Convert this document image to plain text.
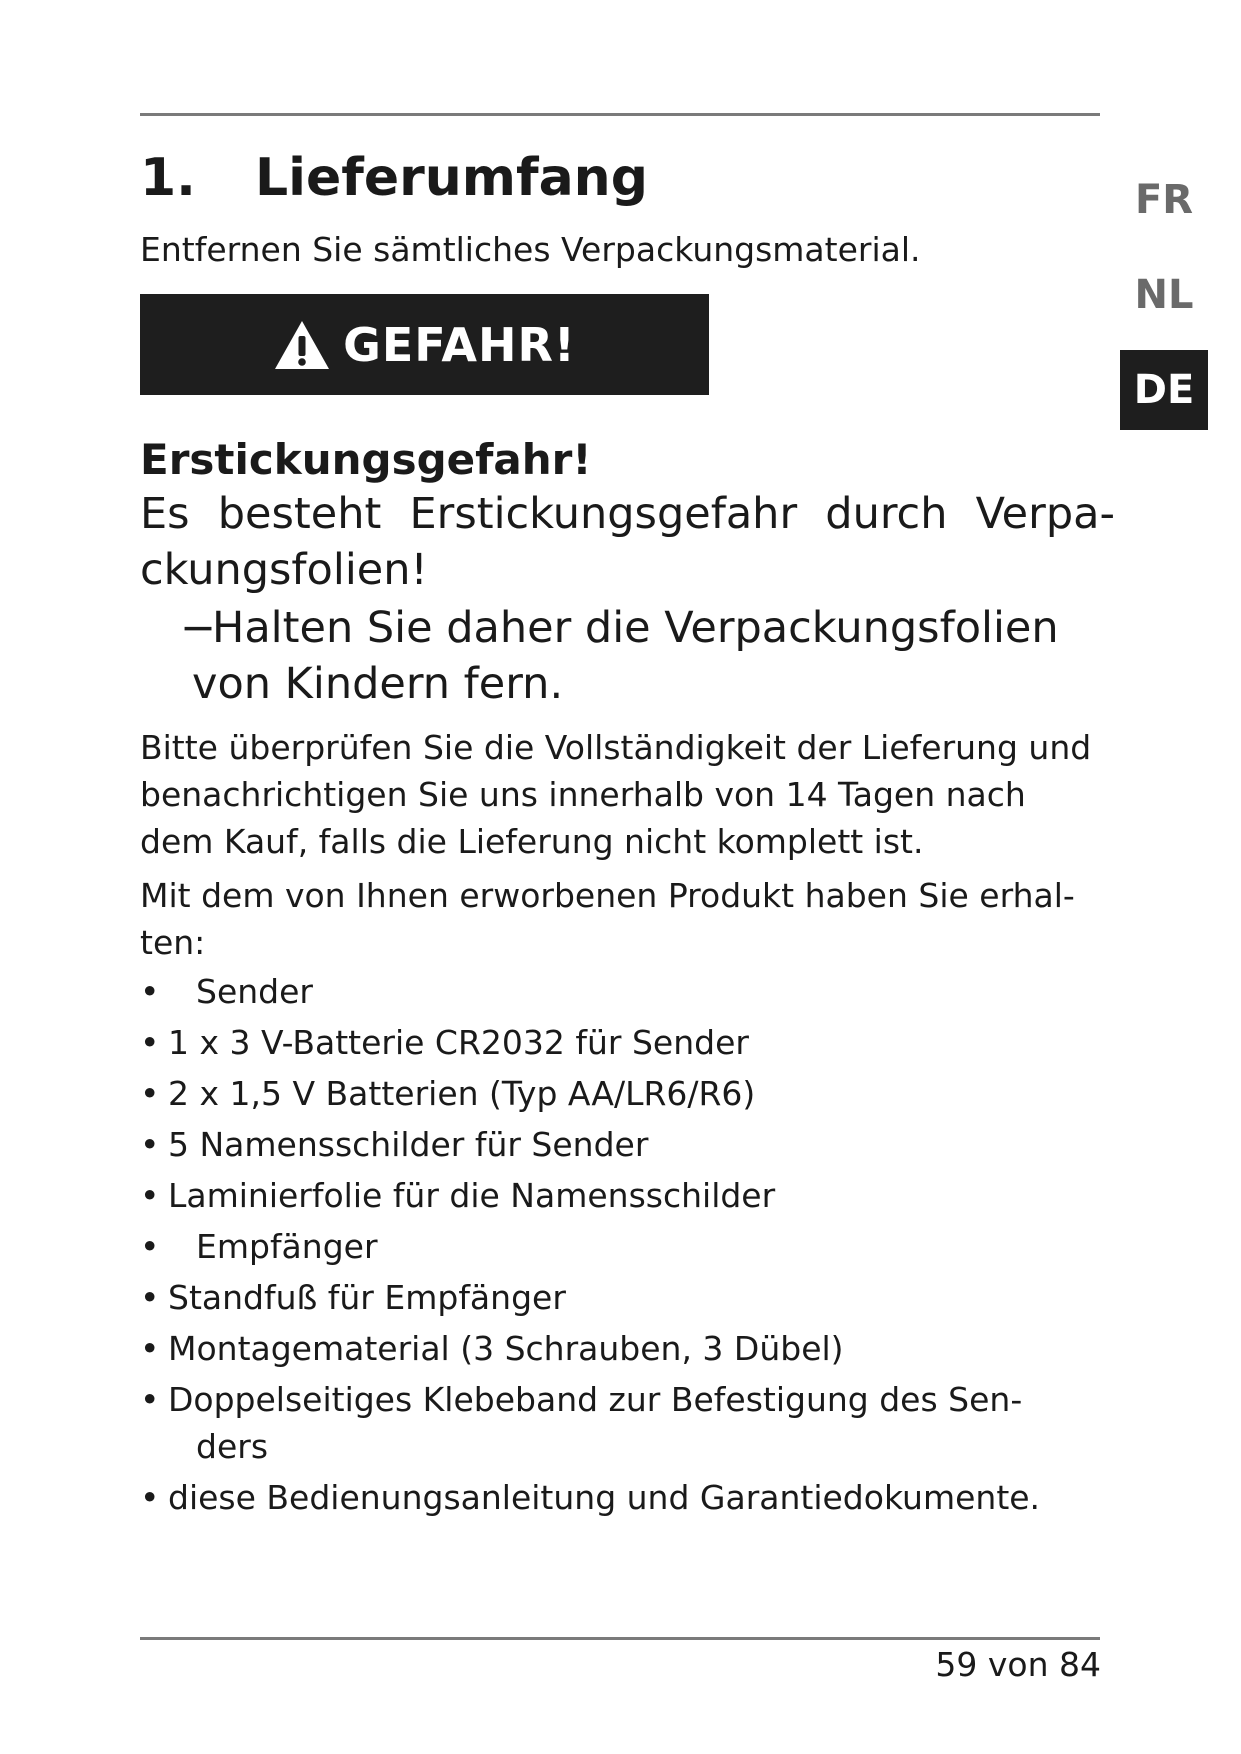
1. Lieferumfang
Entfernen Sie sämtliches Verpackungsmaterial.
GEFAHR!
Erstickungsgefahr!
Es besteht Erstickungsgefahr durch Verpackungsfolien!
−Halten Sie daher die Verpackungsfolien
von Kindern fern.
Bitte überprüfen Sie die Vollständigkeit der Lieferung und benachrichtigen Sie uns innerhalb von 14 Tagen nach dem Kauf, falls die Lieferung nicht komplett ist.
Mit dem von Ihnen erworbenen Produkt haben Sie erhalten:
•	Sender
• 1 x 3 V-Batterie CR2032 für Sender
• 2 x 1,5 V Batterien (Typ AA/LR6/R6)
• 5 Namensschilder für Sender
• Laminierfolie für die Namensschilder
•	Empfänger
• Standfuß für Empfänger
• Montagematerial (3 Schrauben, 3 Dübel)
• Doppelseitiges Klebeband zur Befestigung des Sen-
ders
• diese Bedienungsanleitung und Garantiedokumente.
59 von 84
FR
NL
DE
